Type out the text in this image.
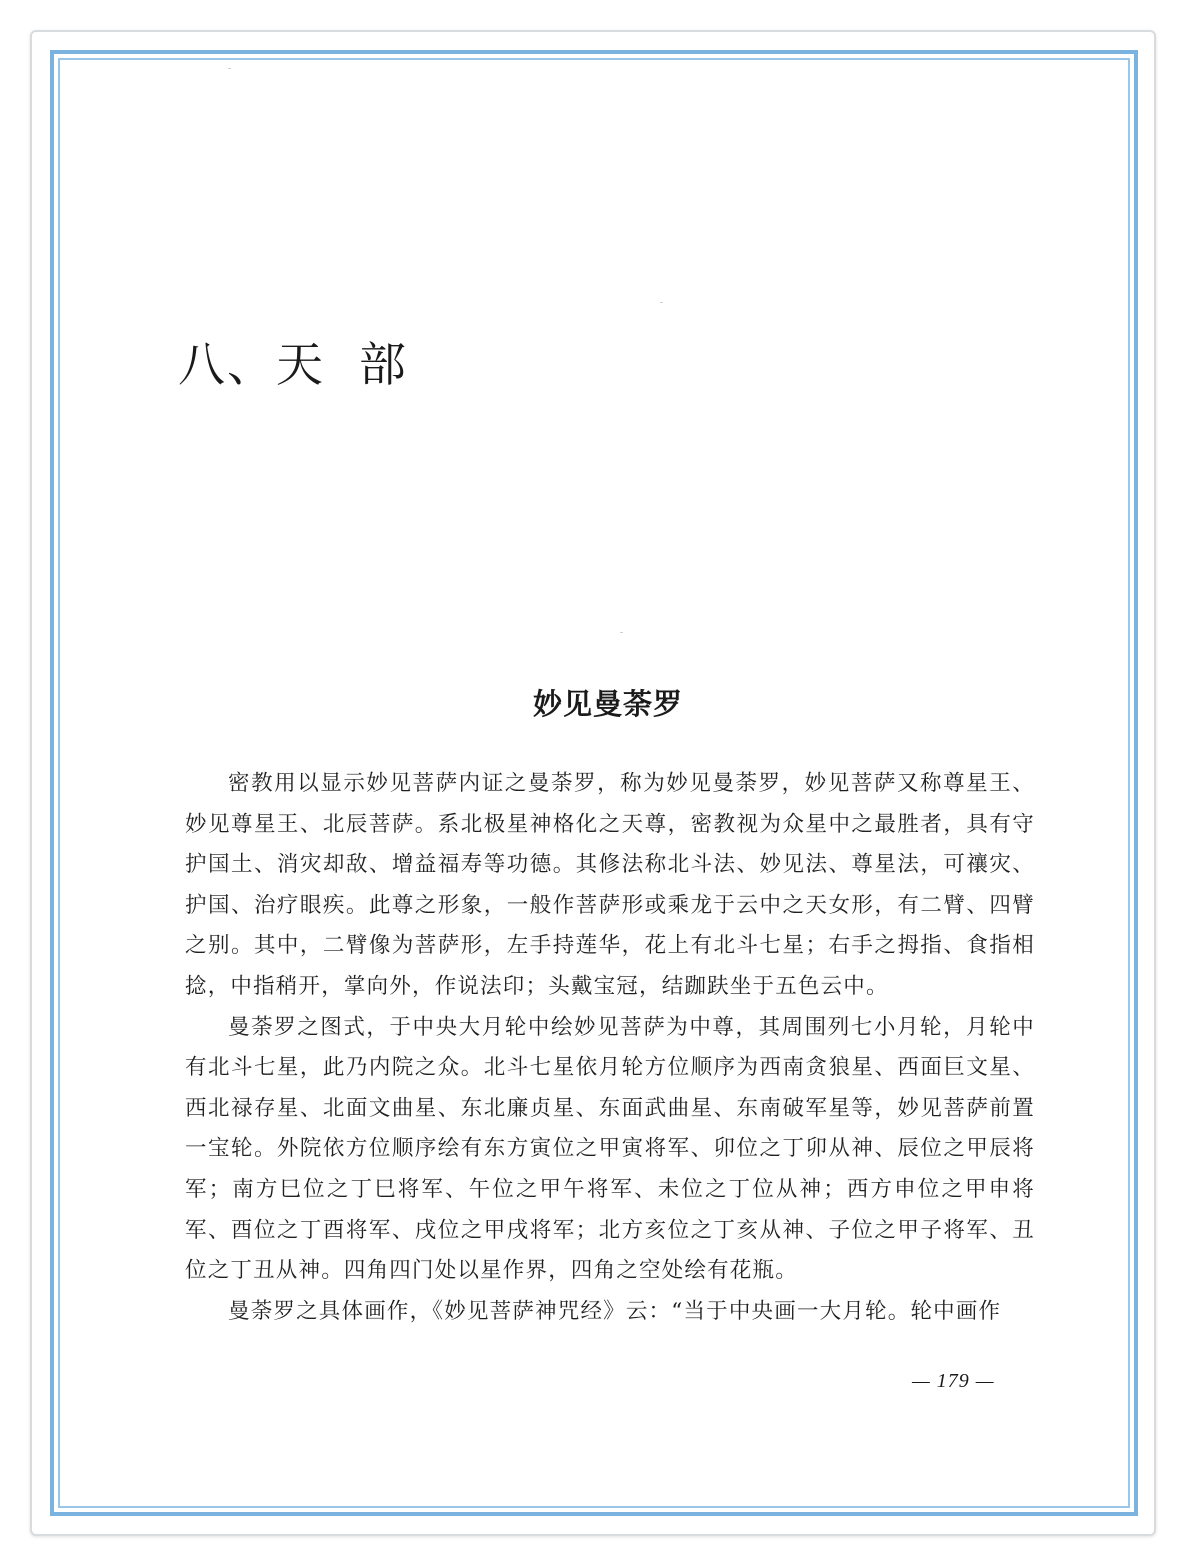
八、天  部
妙见曼荼罗

密教用以显示妙见菩萨内证之曼荼罗，称为妙见曼荼罗，妙见菩萨又称尊星王、妙见尊星王、北辰菩萨。系北极星神格化之天尊，密教视为众星中之最胜者，具有守护国土、消灾却敌、增益福寿等功德。其修法称北斗法、妙见法、尊星法，可禳灾、护国、治疗眼疾。此尊之形象，一般作菩萨形或乘龙于云中之天女形，有二臂、四臂之别。其中，二臂像为菩萨形，左手持莲华，花上有北斗七星；右手之拇指、食指相捻，中指稍开，掌向外，作说法印；头戴宝冠，结跏趺坐于五色云中。

曼荼罗之图式，于中央大月轮中绘妙见菩萨为中尊，其周围列七小月轮，月轮中有北斗七星，此乃内院之众。北斗七星依月轮方位顺序为西南贪狼星、西面巨文星、西北禄存星、北面文曲星、东北廉贞星、东面武曲星、东南破军星等，妙见菩萨前置一宝轮。外院依方位顺序绘有东方寅位之甲寅将军、卯位之丁卯从神、辰位之甲辰将军；南方巳位之丁巳将军、午位之甲午将军、未位之丁位从神；西方申位之甲申将军、酉位之丁酉将军、戌位之甲戌将军；北方亥位之丁亥从神、子位之甲子将军、丑位之丁丑从神。四角四门处以星作界，四角之空处绘有花瓶。

曼荼罗之具体画作，《妙见菩萨神咒经》云：“当于中央画一大月轮。轮中画作

— 179 —
